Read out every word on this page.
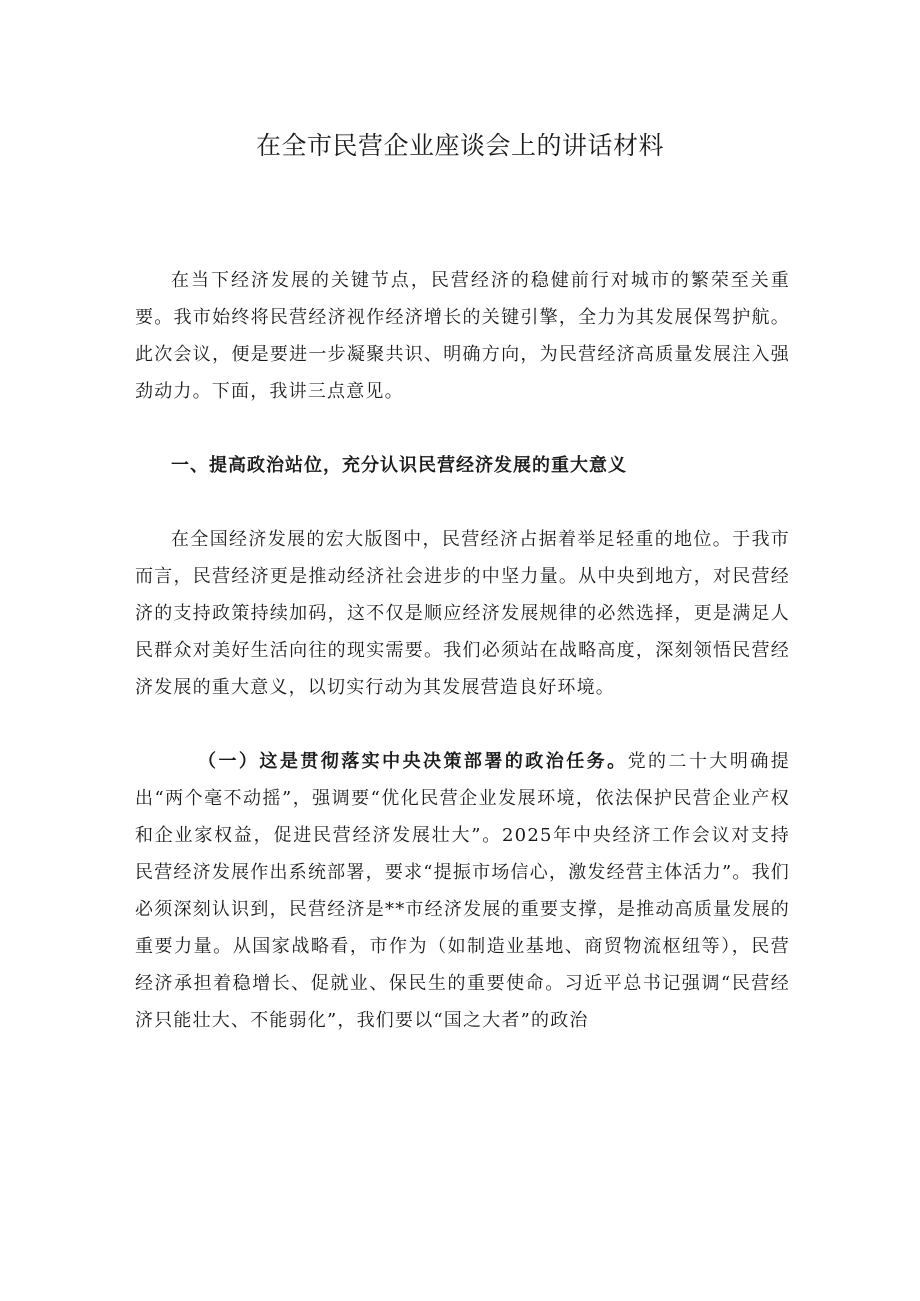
在全市民营企业座谈会上的讲话材料

在当下经济发展的关键节点，民营经济的稳健前行对城市的繁荣至关重要。我市始终将民营经济视作经济增长的关键引擎，全力为其发展保驾护航。此次会议，便是要进一步凝聚共识、明确方向，为民营经济高质量发展注入强劲动力。下面，我讲三点意见。

一、提高政治站位，充分认识民营经济发展的重大意义

在全国经济发展的宏大版图中，民营经济占据着举足轻重的地位。于我市而言，民营经济更是推动经济社会进步的中坚力量。从中央到地方，对民营经济的支持政策持续加码，这不仅是顺应经济发展规律的必然选择，更是满足人民群众对美好生活向往的现实需要。我们必须站在战略高度，深刻领悟民营经济发展的重大意义，以切实行动为其发展营造良好环境。

（一）这是贯彻落实中央决策部署的政治任务。党的二十大明确提出“两个毫不动摇”，强调要“优化民营企业发展环境，依法保护民营企业产权和企业家权益，促进民营经济发展壮大”。2025年中央经济工作会议对支持民营经济发展作出系统部署，要求“提振市场信心，激发经营主体活力”。我们必须深刻认识到，民营经济是**市经济发展的重要支撑，是推动高质量发展的重要力量。从国家战略看，市作为（如制造业基地、商贸物流枢纽等），民营经济承担着稳增长、促就业、保民生的重要使命。习近平总书记强调“民营经济只能壮大、不能弱化”，我们要以“国之大者”的政治
